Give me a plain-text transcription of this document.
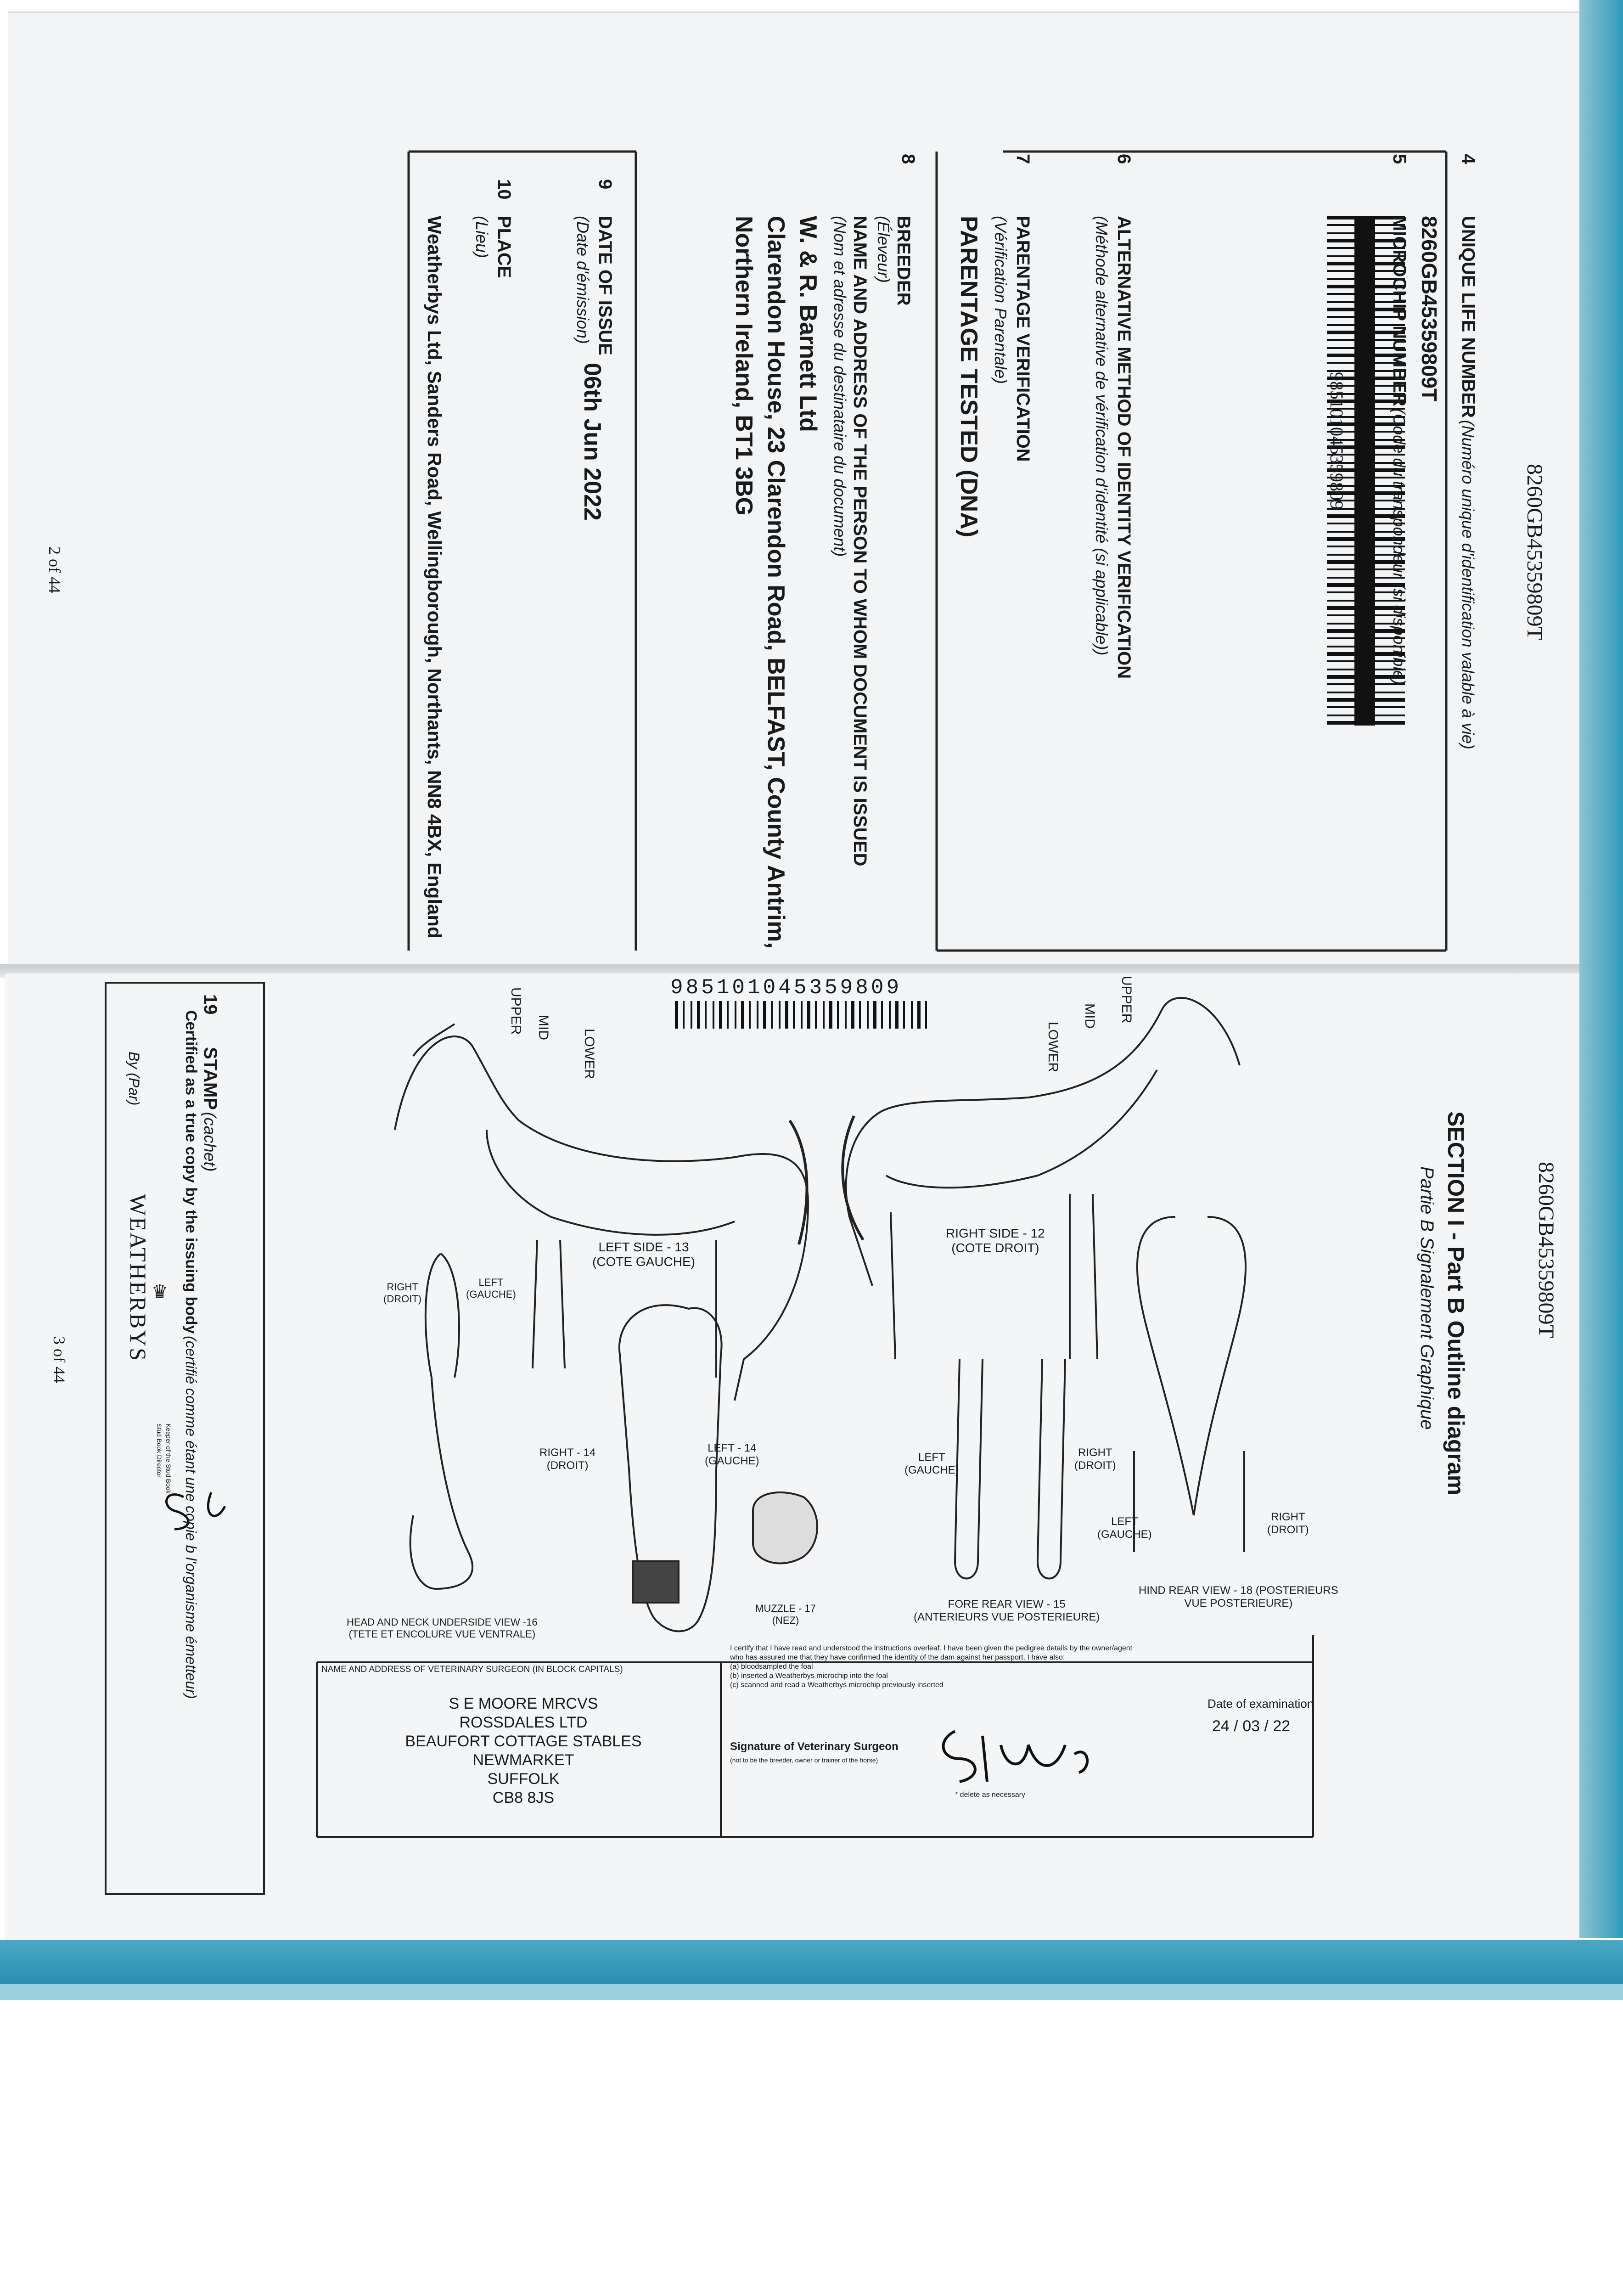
8260GB45359809T
4
UNIQUE LIFE NUMBER (Numéro unique d'identification valable à vie)
8260GB45359809T
5
MICROCHIP NUMBER (Code du transpondeur (si disponible)
985101045359809
6
ALTERNATIVE METHOD OF IDENTITY VERIFICATION
(Méthode alternative de vérification d'identité (si applicable))
7
PARENTAGE VERIFICATION
(Vérification Parentale)
PARENTAGE TESTED (DNA)
8
BREEDER
(Éleveur)
NAME AND ADDRESS OF THE PERSON TO WHOM DOCUMENT IS ISSUED
(Nom et adresse du destinataire du document)
W. & R. Barnett Ltd
Clarendon House, 23 Clarendon Road, BELFAST, County Antrim,
Northern Ireland, BT1 3BG
9
DATE OF ISSUE
(Date d'émission)
06th Jun 2022
10
PLACE
(Lieu)
Weatherbys Ltd, Sanders Road, Wellingborough, Northants, NN8 4BX, England
2 of 44
8260GB45359809T
SECTION I - Part B Outline diagram
Partie B Signalement Graphique
985101045359809	UPPER
MID
LOWER
UPPER MID
LOWER
LEFT SIDE - 13
(COTE GAUCHE)
RIGHT SIDE - 12
(COTE DROIT)
RIGHT - 14
(DROIT)
LEFT - 14
(GAUCHE)
RIGHT
(DROIT)
LEFT
(GAUCHE)
HEAD AND NECK UNDERSIDE VIEW -16
(TETE ET ENCOLURE VUE VENTRALE)
MUZZLE - 17
(NEZ)
LEFT
(GAUCHE)
RIGHT
(DROIT)
FORE REAR VIEW - 15
(ANTERIEURS VUE POSTERIEURE)
LEFT
(GAUCHE)
RIGHT
(DROIT)
HIND REAR VIEW - 18 (POSTERIEURS
VUE POSTERIEURE)
NAME AND ADDRESS OF VETERINARY SURGEON (IN BLOCK CAPITALS)
S E MOORE MRCVS
ROSSDALES LTD
BEAUFORT COTTAGE STABLES
NEWMARKET
SUFFOLK
CB8 8JS
I certify that I have read and understood the instructions overleaf. I have been given the pedigree details by the owner/agent
who has assured me that they have confirmed the identity of the dam against her passport. I have also:
(a) bloodsampled the foal
(b) inserted a Weatherbys microchip into the foal
(c) scanned and read a Weatherbys microchip previously inserted
Signature of Veterinary Surgeon
(not to be the breeder, owner or trainer of the horse)
* delete as necessary
Date of examination
24 / 03 / 22
19
STAMP (cachet)
Certified as a true copy by the issuing body (certifié comme étant une copie b l'organisme émetteur)
By (Par)
WEATHERBYS
Keeper of the Stud Book
Stud Book Director
♛
3 of 44
